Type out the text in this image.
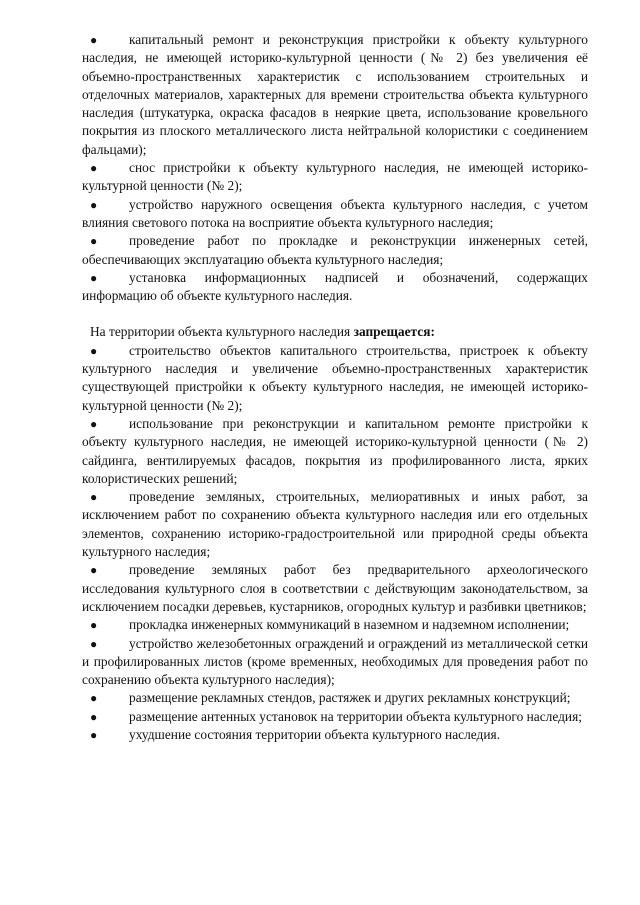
● капитальный ремонт и реконструкция пристройки к объекту культурного наследия, не имеющей историко-культурной ценности (№ 2) без увеличения её объемно-пространственных характеристик с использованием строительных и отделочных материалов, характерных для времени строительства объекта культурного наследия (штукатурка, окраска фасадов в неяркие цвета, использование кровельного покрытия из плоского металлического листа нейтральной колористики с соединением фальцами);

● снос пристройки к объекту культурного наследия, не имеющей историко-культурной ценности (№ 2);

● устройство наружного освещения объекта культурного наследия, с учетом влияния светового потока на восприятие объекта культурного наследия;

● проведение работ по прокладке и реконструкции инженерных сетей, обеспечивающих эксплуатацию объекта культурного наследия;

● установка информационных надписей и обозначений, содержащих информацию об объекте культурного наследия.

На территории объекта культурного наследия запрещается:

● строительство объектов капитального строительства, пристроек к объекту культурного наследия и увеличение объемно-пространственных характеристик существующей пристройки к объекту культурного наследия, не имеющей историко-культурной ценности (№ 2);

● использование при реконструкции и капитальном ремонте пристройки к объекту культурного наследия, не имеющей историко-культурной ценности (№ 2) сайдинга, вентилируемых фасадов, покрытия из профилированного листа, ярких колористических решений;

● проведение земляных, строительных, мелиоративных и иных работ, за исключением работ по сохранению объекта культурного наследия или его отдельных элементов, сохранению историко-градостроительной или природной среды объекта культурного наследия;

● проведение земляных работ без предварительного археологического исследования культурного слоя в соответствии с действующим законодательством, за исключением посадки деревьев, кустарников, огородных культур и разбивки цветников;

● прокладка инженерных коммуникаций в наземном и надземном исполнении;

● устройство железобетонных ограждений и ограждений из металлической сетки и профилированных листов (кроме временных, необходимых для проведения работ по сохранению объекта культурного наследия);

● размещение рекламных стендов, растяжек и других рекламных конструкций;

● размещение антенных установок на территории объекта культурного наследия;

● ухудшение состояния территории объекта культурного наследия.
